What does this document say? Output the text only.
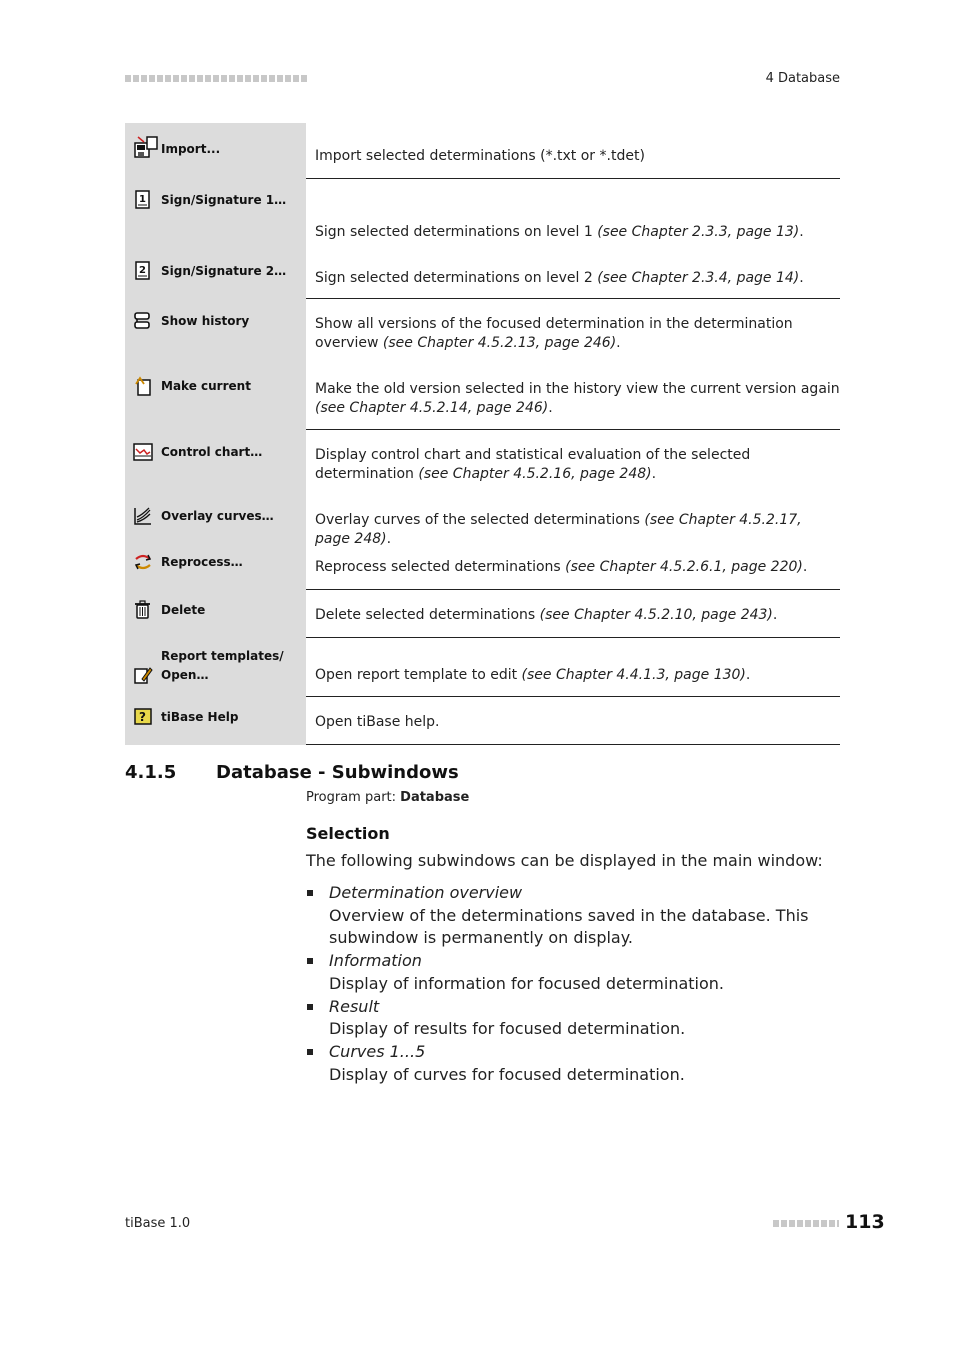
4 Database
Import...	Import selected determinations (*.txt or *.tdet)

1 Sign/Signature 1…	Sign selected determinations on level 1 (see Chapter 2.3.3, page 13).

2 Sign/Signature 2…	Sign selected determinations on level 2 (see Chapter 2.3.4, page 14).

Show history	Show all versions of the focused determination in the determination overview (see Chapter 4.5.2.13, page 246).

Make current	Make the old version selected in the history view the current version again (see Chapter 4.5.2.14, page 246).

Control chart…	Display control chart and statistical evaluation of the selected determination (see Chapter 4.5.2.16, page 248).

Overlay curves…	Overlay curves of the selected determinations (see Chapter 4.5.2.17, page 248).

Reprocess…	Reprocess selected determinations (see Chapter 4.5.2.6.1, page 220).

Delete	Delete selected determinations (see Chapter 4.5.2.10, page 243).

Report templates/
Open…	Open report template to edit (see Chapter 4.4.1.3, page 130).

? tiBase Help	Open tiBase help.
4.1.5 Database - Subwindows
Program part: Database
Selection
The following subwindows can be displayed in the main window:
Determination overview
Overview of the determinations saved in the database. This subwindow is permanently on display.
Information
Display of information for focused determination.
Result
Display of results for focused determination.
Curves 1...5
Display of curves for focused determination.
tiBase 1.0	113
